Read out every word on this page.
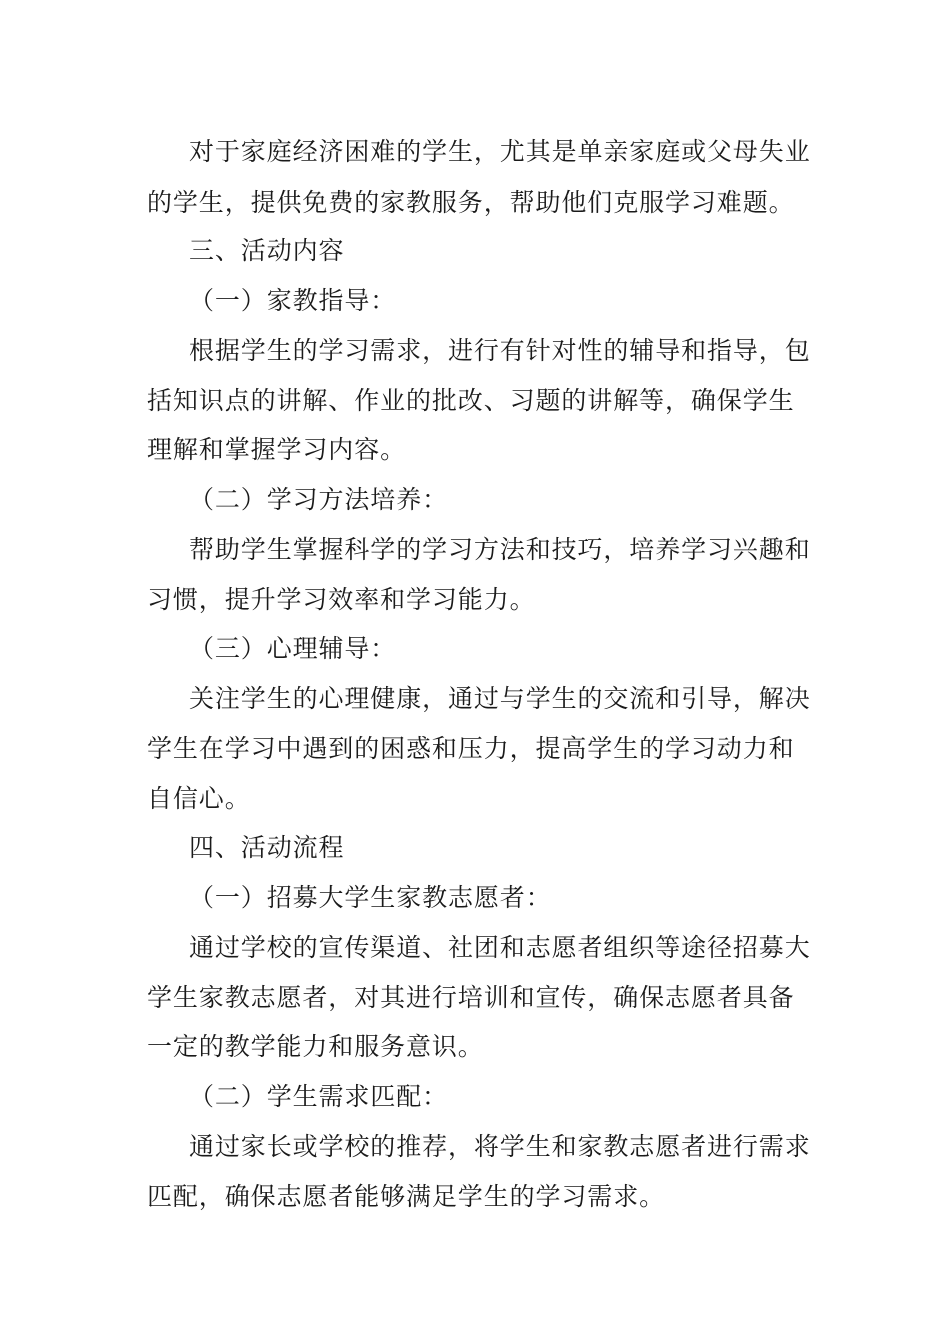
对于家庭经济困难的学生，尤其是单亲家庭或父母失业
的学生，提供免费的家教服务，帮助他们克服学习难题。
三、活动内容
（一）家教指导：
根据学生的学习需求，进行有针对性的辅导和指导，包
括知识点的讲解、作业的批改、习题的讲解等，确保学生
理解和掌握学习内容。
（二）学习方法培养：
帮助学生掌握科学的学习方法和技巧，培养学习兴趣和
习惯，提升学习效率和学习能力。
（三）心理辅导：
关注学生的心理健康，通过与学生的交流和引导，解决
学生在学习中遇到的困惑和压力，提高学生的学习动力和
自信心。
四、活动流程
（一）招募大学生家教志愿者：
通过学校的宣传渠道、社团和志愿者组织等途径招募大
学生家教志愿者，对其进行培训和宣传，确保志愿者具备
一定的教学能力和服务意识。
（二）学生需求匹配：
通过家长或学校的推荐，将学生和家教志愿者进行需求
匹配，确保志愿者能够满足学生的学习需求。
